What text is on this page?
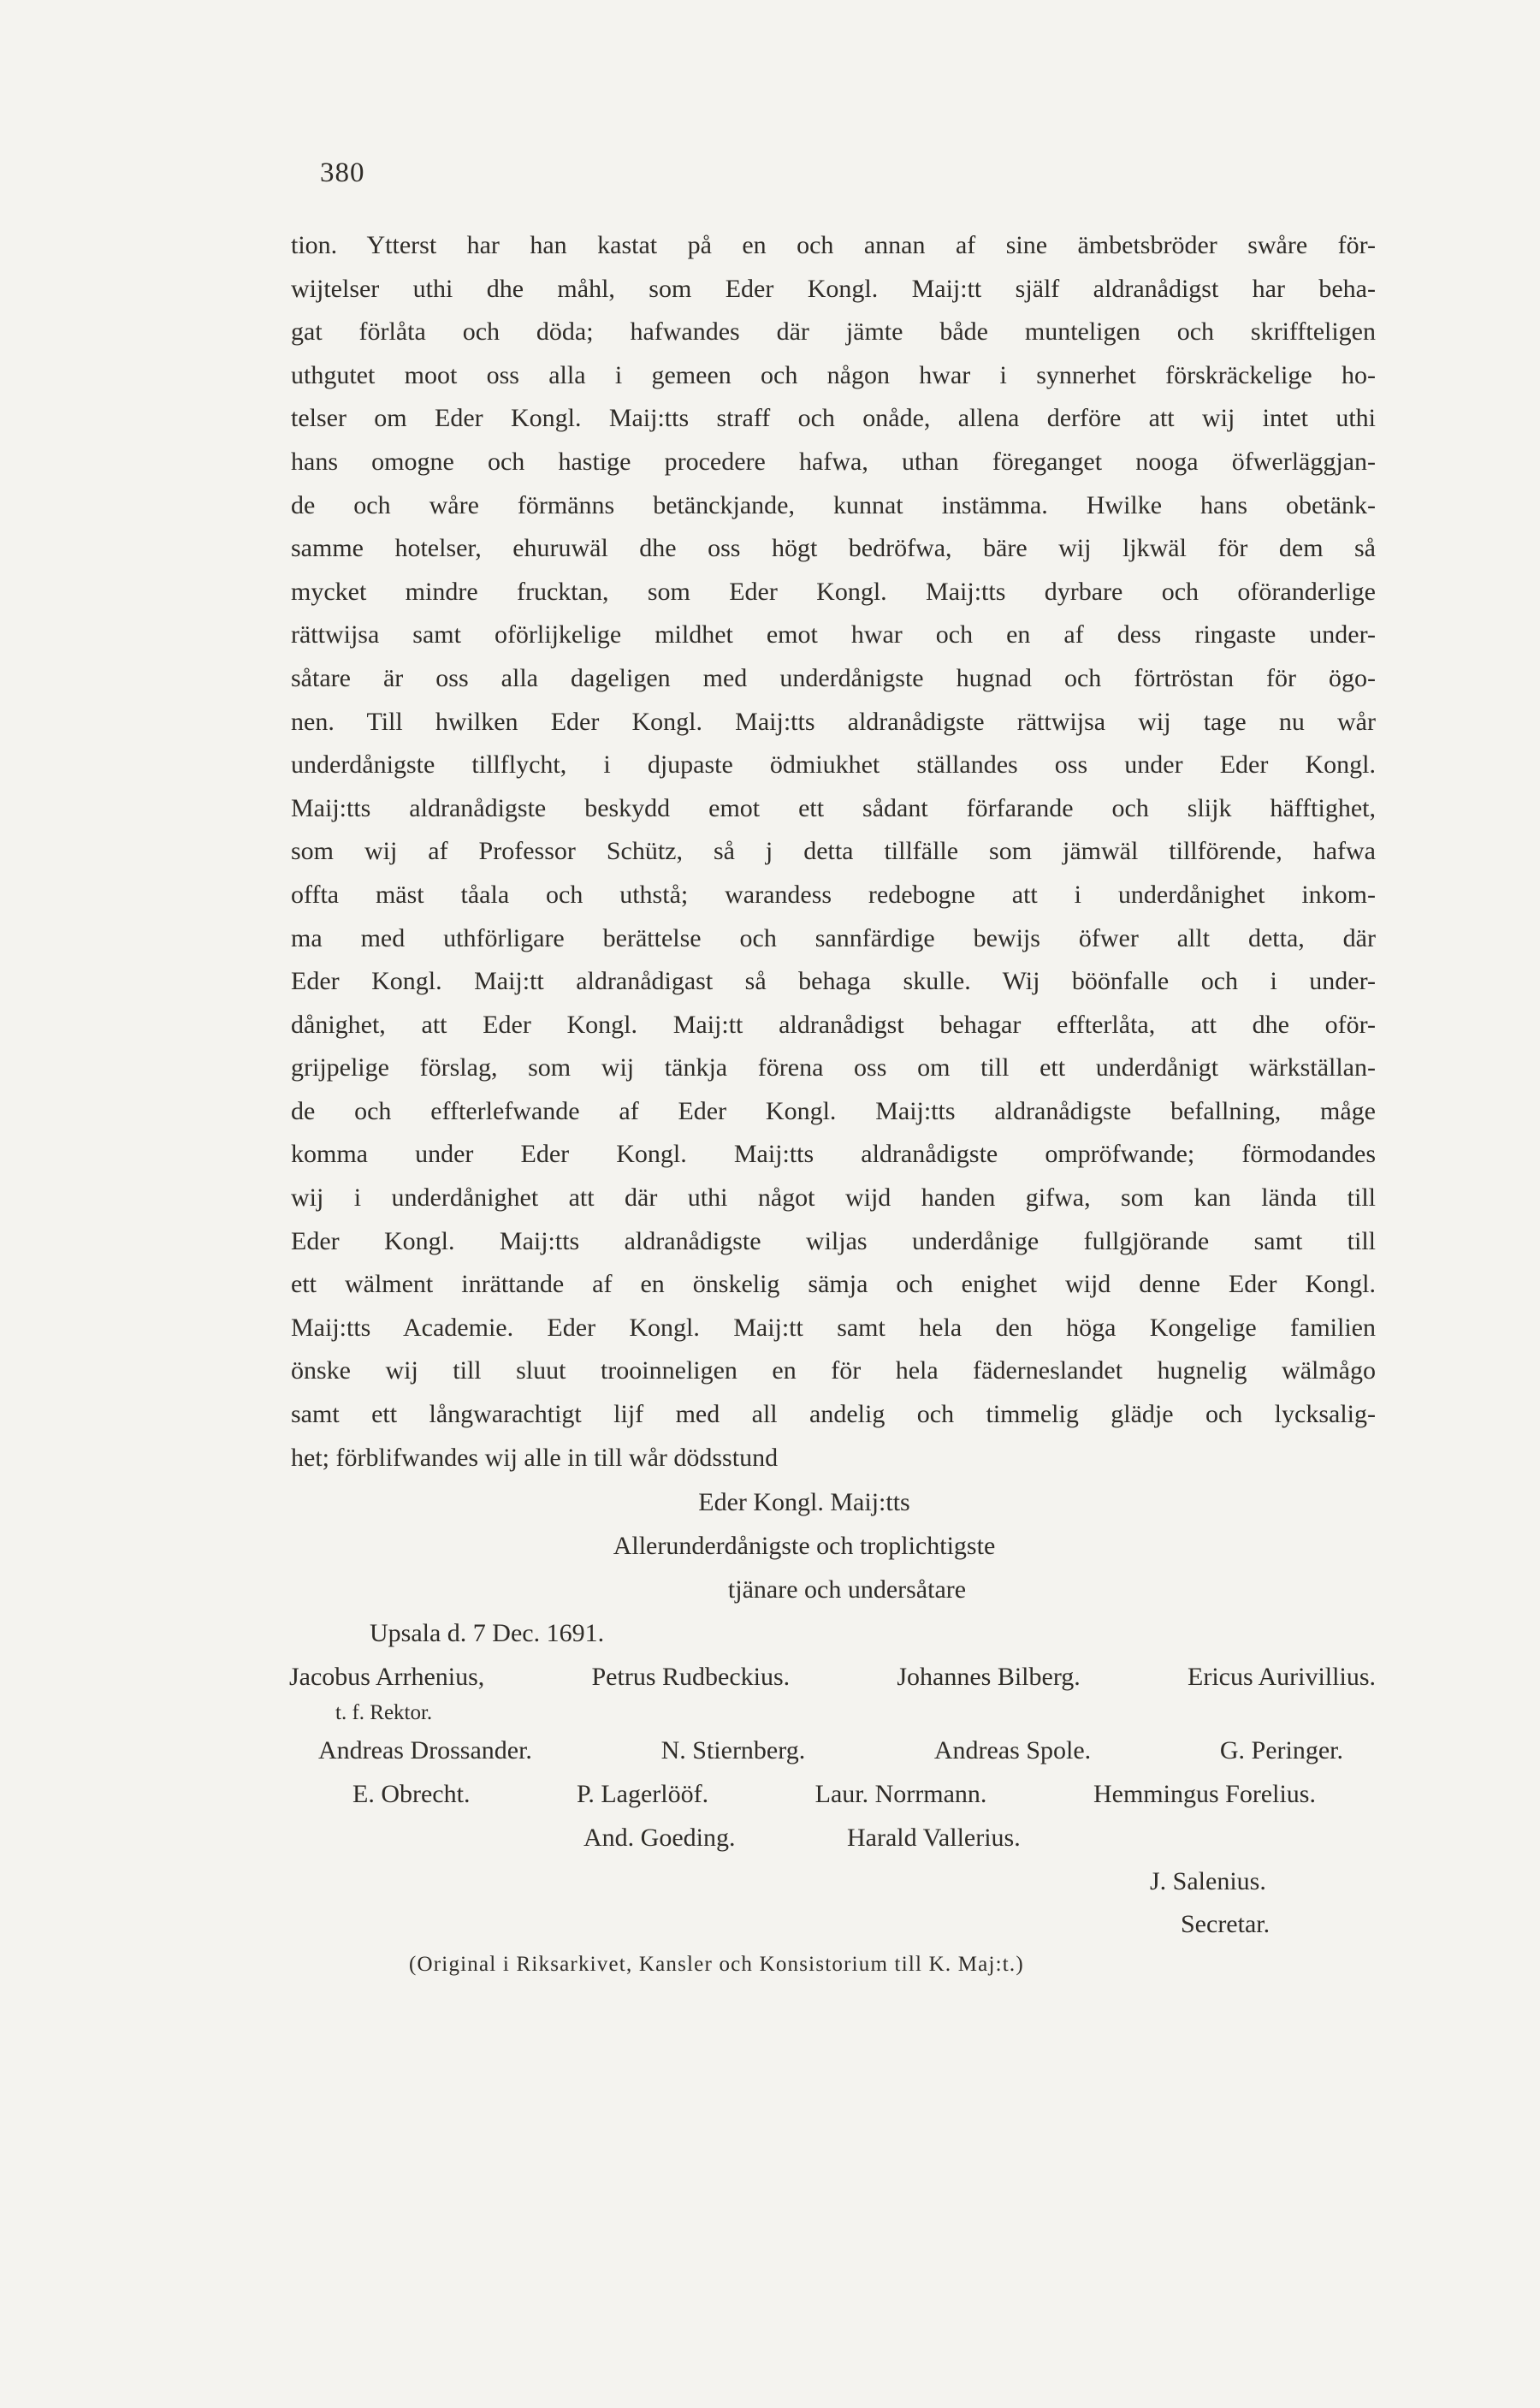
380
tion. Ytterst har han kastat på en och annan af sine ämbetsbröder swåre för-
wijtelser uthi dhe måhl, som Eder Kongl. Maij:tt själf aldranådigst har beha-
gat förlåta och döda; hafwandes där jämte både munteligen och skriffteligen
uthgutet moot oss alla i gemeen och någon hwar i synnerhet förskräckelige ho-
telser om Eder Kongl. Maij:tts straff och onåde, allena derföre att wij intet uthi
hans omogne och hastige procedere hafwa, uthan föreganget nooga öfwerläggjan-
de och wåre förmänns betänckjande, kunnat instämma. Hwilke hans obetänk-
samme hotelser, ehuruwäl dhe oss högt bedröfwa, bäre wij ljkwäl för dem så
mycket mindre frucktan, som Eder Kongl. Maij:tts dyrbare och oföranderlige
rättwijsa samt oförlijkelige mildhet emot hwar och en af dess ringaste under-
såtare är oss alla dageligen med underdånigste hugnad och förtröstan för ögo-
nen. Till hwilken Eder Kongl. Maij:tts aldranådigste rättwijsa wij tage nu wår
underdånigste tillflycht, i djupaste ödmiukhet ställandes oss under Eder Kongl.
Maij:tts aldranådigste beskydd emot ett sådant förfarande och slijk häfftighet,
som wij af Professor Schütz, så j detta tillfälle som jämwäl tillförende, hafwa
offta mäst tåala och uthstå; warandess redebogne att i underdånighet inkom-
ma med uthförligare berättelse och sannfärdige bewijs öfwer allt detta, där
Eder Kongl. Maij:tt aldranådigast så behaga skulle. Wij böönfalle och i under-
dånighet, att Eder Kongl. Maij:tt aldranådigst behagar effterlåta, att dhe oför-
grijpelige förslag, som wij tänkja förena oss om till ett underdånigt wärkställan-
de och effterlefwande af Eder Kongl. Maij:tts aldranådigste befallning, måge
komma under Eder Kongl. Maij:tts aldranådigste ompröfwande; förmodandes
wij i underdånighet att där uthi något wijd handen gifwa, som kan lända till
Eder Kongl. Maij:tts aldranådigste wiljas underdånige fullgjörande samt till
ett wälment inrättande af en önskelig sämja och enighet wijd denne Eder Kongl.
Maij:tts Academie. Eder Kongl. Maij:tt samt hela den höga Kongelige familien
önske wij till sluut trooinneligen en för hela fäderneslandet hugnelig wälmågo
samt ett långwarachtigt lijf med all andelig och timmelig glädje och lycksalig-
het; förblifwandes wij alle in till wår dödsstund
Eder Kongl. Maij:tts
Allerunderdånigste och troplichtigste
tjänare och undersåtare
Upsala d. 7 Dec. 1691.
Jacobus Arrhenius,	Petrus Rudbeckius.	Johannes Bilberg.	Ericus Aurivillius.
t. f. Rektor.
Andreas Drossander.	N. Stiernberg.	Andreas Spole.	G. Peringer.
E. Obrecht.	P. Lagerlööf.	Laur. Norrmann.	Hemmingus Forelius.
And. Goeding.	Harald Vallerius.
J. Salenius.
Secretar.
(Original i Riksarkivet, Kansler och Konsistorium till K. Maj:t.)
